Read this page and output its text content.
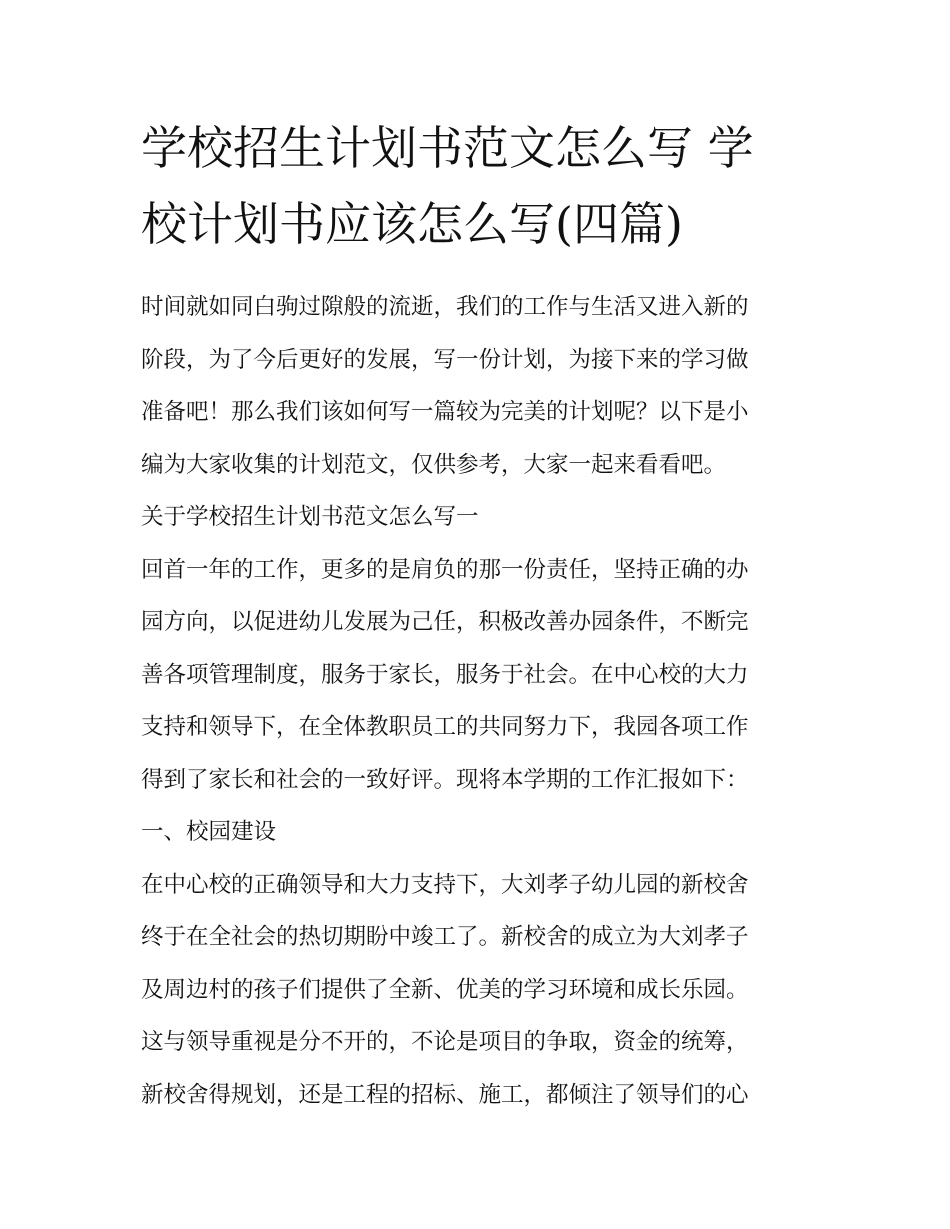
学校招生计划书范文怎么写 学
校计划书应该怎么写(四篇)
时间就如同白驹过隙般的流逝，我们的工作与生活又进入新的
阶段，为了今后更好的发展，写一份计划，为接下来的学习做
准备吧！那么我们该如何写一篇较为完美的计划呢？以下是小
编为大家收集的计划范文，仅供参考，大家一起来看看吧。
关于学校招生计划书范文怎么写一
回首一年的工作，更多的是肩负的那一份责任，坚持正确的办
园方向，以促进幼儿发展为己任，积极改善办园条件，不断完
善各项管理制度，服务于家长，服务于社会。在中心校的大力
支持和领导下，在全体教职员工的共同努力下，我园各项工作
得到了家长和社会的一致好评。现将本学期的工作汇报如下：
一、校园建设
在中心校的正确领导和大力支持下，大刘孝子幼儿园的新校舍
终于在全社会的热切期盼中竣工了。新校舍的成立为大刘孝子
及周边村的孩子们提供了全新、优美的学习环境和成长乐园。
这与领导重视是分不开的，不论是项目的争取，资金的统筹，
新校舍得规划，还是工程的招标、施工，都倾注了领导们的心
